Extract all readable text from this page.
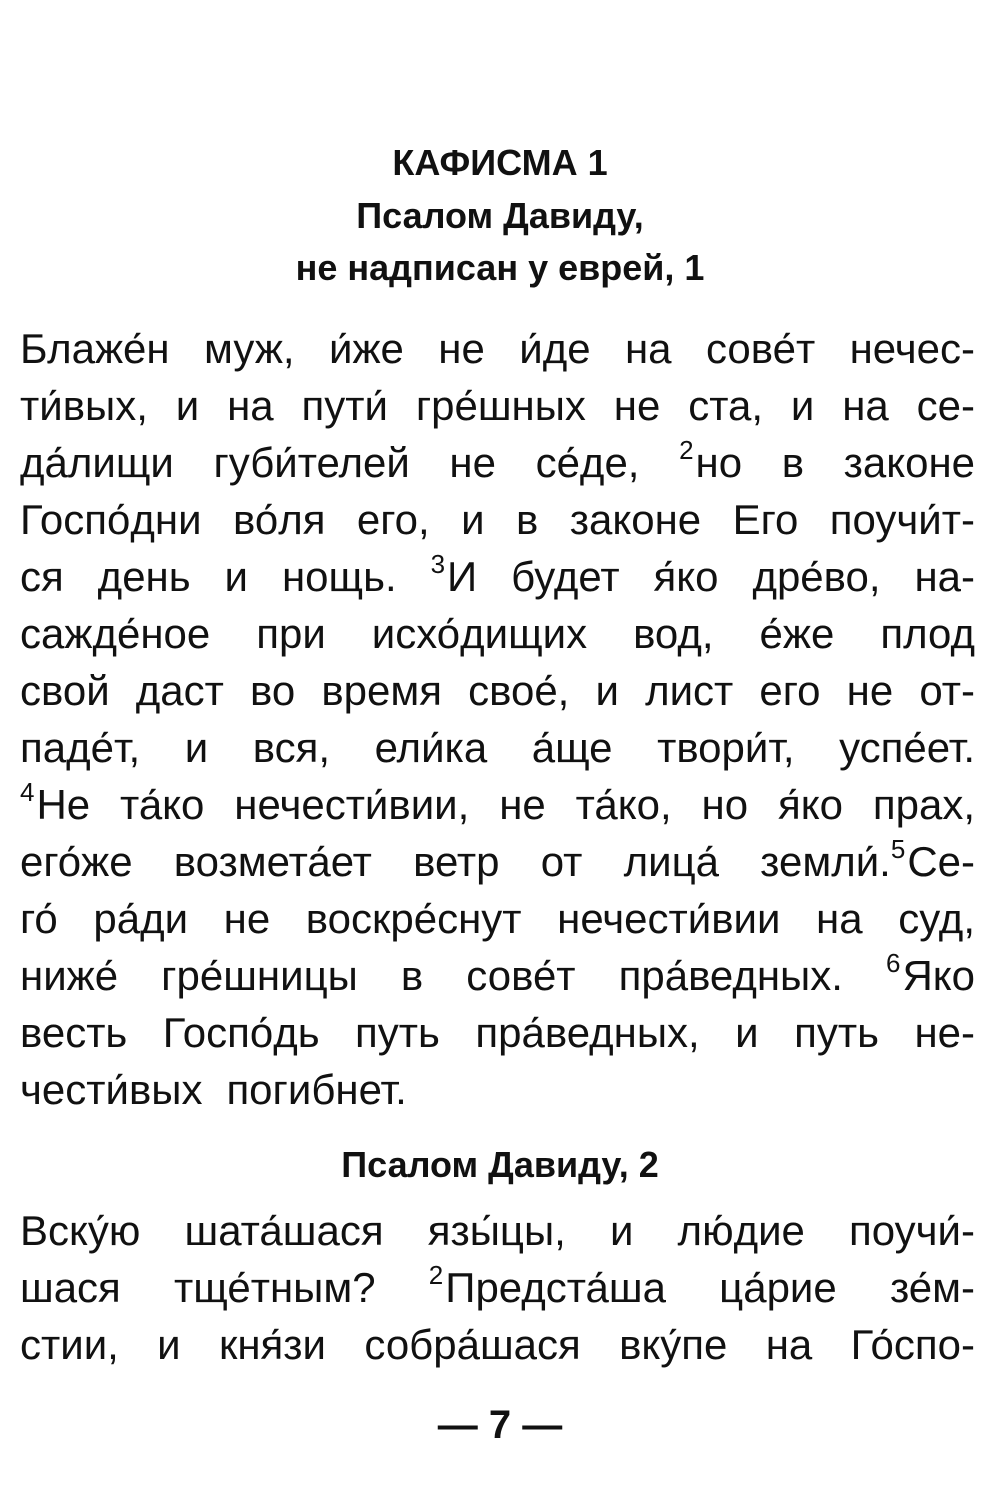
КАФИСМА 1
Псалом Давиду,
не надписан у еврей, 1
Блаже́н муж, и́же не и́де на сове́т нечес-
ти́вых, и на пути́ гре́шных не ста, и на се-
да́лищи губи́телей не се́де, $^2$но в законе
Госпо́дни во́ля его, и в законе Его поучи́т-
ся день и нощь. $^3$И будет я́ко дре́во, на-
сажде́ное при исхо́дищих вод, е́же плод
свой даст во время свое́, и лист его не от-
паде́т, и вся, ели́ка а́ще твори́т, успе́ет.
$^4$Не та́ко нечести́вии, не та́ко, но я́ко прах,
его́же возмета́ет ветр от лица́ земли́.$^5$Се-
го́ ра́ди не воскре́снут нечести́вии на суд,
ниже́ гре́шницы в сове́т пра́ведных. $^6$Яко
весть Госпо́дь путь пра́ведных, и путь не-
чести́вых погибнет.
Псалом Давиду, 2
Вску́ю шата́шася язы́цы, и лю́дие поучи́-
шася тще́тным? $^2$Предста́ша ца́рие зе́м-
стии, и кня́зи собра́шася вку́пе на Го́спо-
— 7 —
